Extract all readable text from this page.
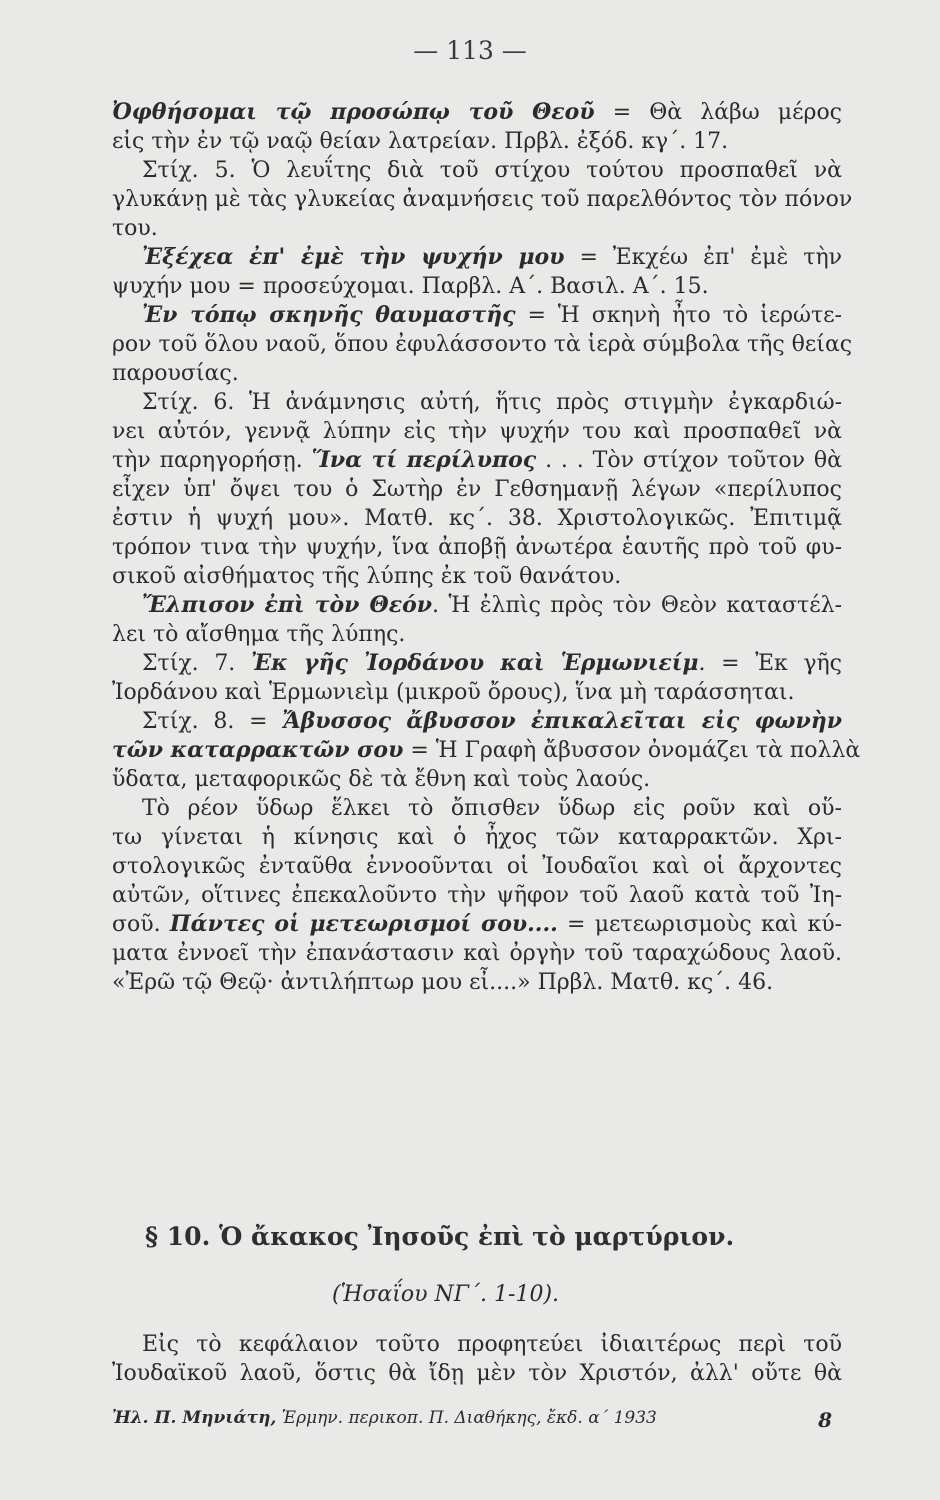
— 113 —
Ὀφθήσομαι τῷ προσώπῳ τοῦ Θεοῦ = Θὰ λάβω μέρος
εἰς τὴν ἐν τῷ ναῷ θείαν λατρείαν. Πρβλ. ἐξόδ. κγ΄. 17.
Στίχ. 5. Ὁ λευΐτης διὰ τοῦ στίχου τούτου προσπαθεῖ νὰ
γλυκάνῃ μὲ τὰς γλυκείας ἀναμνήσεις τοῦ παρελθόντος τὸν πόνον
του.
Ἐξέχεα ἐπ' ἐμὲ τὴν ψυχήν μου = Ἐκχέω ἐπ' ἐμὲ τὴν
ψυχήν μου = προσεύχομαι. Παρβλ. Α΄. Βασιλ. Α΄. 15.
Ἐν τόπῳ σκηνῆς θαυμαστῆς = Ἡ σκηνὴ ἦτο τὸ ἱερώτε-
ρον τοῦ ὅλου ναοῦ, ὅπου ἐφυλάσσοντο τὰ ἱερὰ σύμβολα τῆς θείας
παρουσίας.
Στίχ. 6. Ἡ ἀνάμνησις αὐτή, ἥτις πρὸς στιγμὴν ἐγκαρδιώ-
νει αὐτόν, γεννᾷ λύπην εἰς τὴν ψυχήν του καὶ προσπαθεῖ νὰ
τὴν παρηγορήσῃ. Ἵνα τί περίλυπος . . . Τὸν στίχον τοῦτον θὰ
εἶχεν ὑπ' ὄψει του ὁ Σωτὴρ ἐν Γεθσημανῇ λέγων «περίλυπος
ἐστιν ἡ ψυχή μου». Ματθ. κς΄. 38. Χριστολογικῶς. Ἐπιτιμᾷ
τρόπον τινα τὴν ψυχήν, ἵνα ἀποβῇ ἀνωτέρα ἑαυτῆς πρὸ τοῦ φυ-
σικοῦ αἰσθήματος τῆς λύπης ἐκ τοῦ θανάτου.
Ἔλπισον ἐπὶ τὸν Θεόν. Ἡ ἐλπὶς πρὸς τὸν Θεὸν καταστέλ-
λει τὸ αἴσθημα τῆς λύπης.
Στίχ. 7. Ἐκ γῆς Ἰορδάνου καὶ Ἑρμωνιείμ. = Ἐκ γῆς
Ἰορδάνου καὶ Ἑρμωνιεὶμ (μικροῦ ὄρους), ἵνα μὴ ταράσσηται.
Στίχ. 8. = Ἄβυσσος ἄβυσσον ἐπικαλεῖται εἰς φωνὴν
τῶν καταρρακτῶν σου = Ἡ Γραφὴ ἄβυσσον ὀνομάζει τὰ πολλὰ
ὕδατα, μεταφορικῶς δὲ τὰ ἔθνη καὶ τοὺς λαούς.
Τὸ ρέον ὕδωρ ἕλκει τὸ ὄπισθεν ὕδωρ εἰς ροῦν καὶ οὕ-
τω γίνεται ἡ κίνησις καὶ ὁ ἦχος τῶν καταρρακτῶν. Χρι-
στολογικῶς ἐνταῦθα ἐννοοῦνται οἱ Ἰουδαῖοι καὶ οἱ ἄρχοντες
αὐτῶν, οἵτινες ἐπεκαλοῦντο τὴν ψῆφον τοῦ λαοῦ κατὰ τοῦ Ἰη-
σοῦ. Πάντες οἱ μετεωρισμοί σου.... = μετεωρισμοὺς καὶ κύ-
ματα ἐννοεῖ τὴν ἐπανάστασιν καὶ ὀργὴν τοῦ ταραχώδους λαοῦ.
«Ἐρῶ τῷ Θεῷ· ἀντιλήπτωρ μου εἶ....» Πρβλ. Ματθ. κς΄. 46.
§ 10. Ὁ ἄκακος Ἰησοῦς ἐπὶ τὸ μαρτύριον.
(Ἡσαΐου ΝΓ΄. 1-10).
Εἰς τὸ κεφάλαιον τοῦτο προφητεύει ἰδιαιτέρως περὶ τοῦ
Ἰουδαϊκοῦ λαοῦ, ὅστις θὰ ἴδῃ μὲν τὸν Χριστόν, ἀλλ' οὔτε θὰ
Ἠλ. Π. Μηνιάτη, Ἑρμην. περικοπ. Π. Διαθήκης, ἔκδ. α΄ 1933	8
